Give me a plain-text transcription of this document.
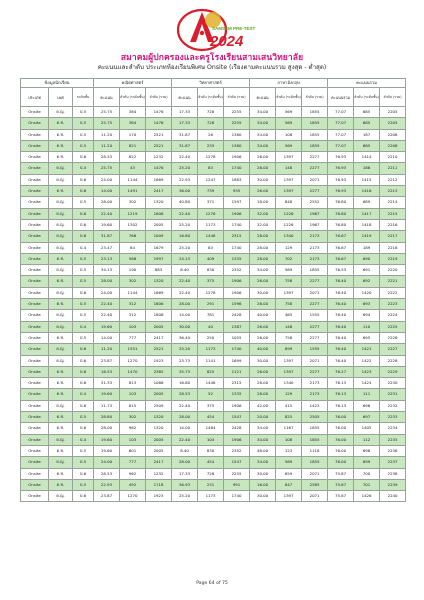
SAMSEM PRE-TEST
2024
สมาคมผู้ปกครองและครูโรงเรียนสามเสนวิทยาลัย
คะแนนและลำดับ ประเภทห้องเรียนพิเศษ Onsite (เรียงตามคะแนนรวม สูงสุด - ต่ำสุด)
ข้อมูลนักเรียน			คณิตศาสตร์			วิทยาศาสตร์			ภาษาอังกฤษ			คะแนนรวม		
ประเภท	เพศ	ระดับชั้น	คะแนน	ลำดับ (ระดับชั้น)	ลำดับ (รวม)	คะแนน	ลำดับ (ระดับชั้น)	ลำดับ (รวม)	คะแนน	ลำดับ (ระดับชั้น)	ลำดับ (รวม)	คะแนนรวม	ลำดับ (ระดับชั้น)	ลำดับ (รวม)
Onsite	ด.ญ.	ป.5	25.75	384	1476	17.33	728	2255	34.00	569	1855	77.07	685	2205
Onsite	ด.ช.	ป.5	25.75	384	1476	17.33	728	2255	34.00	569	1855	77.07	685	2205
Onsite	ด.ช.	ป.5	11.20	170	2521	31.87	26	1380	34.00	108	1855	77.07	187	2208
Onsite	ด.ช.	ป.5	11.20	821	2521	31.87	233	1380	34.00	569	1855	77.07	685	2208
Onsite	ด.ช.	ป.6	28.53	822	1232	22.40	1278	1906	26.00	1397	2277	76.93	1414	2210
Onsite	ด.ญ.	ป.4	25.75	43	1476	25.20	83	1740	26.00	148	2277	76.93	188	2211
Onsite	ด.ญ.	ป.6	24.00	1144	1669	22.93	1247	1883	30.00	1397	2071	76.93	1415	2212
Onsite	ด.ช.	ป.6	14.00	1491	2417	36.00	739	935	26.00	1397	2277	76.93	1416	2213
Onsite	ด.ญ.	ป.5	28.00	302	1320	40.80	371	1597	18.00	848	2552	76.80	689	2214
Onsite	ด.ญ.	ป.6	22.40	1219	1806	22.40	1278	1906	32.00	1226	1967	76.80	1417	2215
Onsite	ด.ญ.	ป.6	19.60	1302	2005	25.20	1173	1740	32.00	1226	1967	76.80	1418	2216
Onsite	ด.ญ.	ป.6	31.87	766	1009	16.80	1448	2315	28.00	1340	2173	76.67	1419	2217
Onsite	ด.ญ.	ป.4	23.47	64	1679	25.20	83	1740	28.00	129	2173	76.67	189	2218
Onsite	ด.ช.	ป.5	23.13	568	1997	24.13	409	1335	28.00	702	2173	76.67	690	2219
Onsite	ด.ญ.	ป.5	34.13	190	883	8.40	830	2352	34.00	569	1855	76.53	691	2220
Onsite	ด.ช.	ป.5	28.00	302	1320	22.40	375	1906	26.00	758	2277	76.40	692	2221
Onsite	ด.ญ.	ป.6	24.00	1144	1669	22.40	1278	1906	30.00	1397	2071	76.40	1420	2222
Onsite	ด.ช.	ป.5	22.40	312	1806	28.00	291	1596	26.00	758	2277	76.40	693	2223
Onsite	ด.ญ.	ป.5	22.40	312	1806	14.00	781	2428	40.00	465	1555	76.40	694	2224
Onsite	ด.ญ.	ป.4	19.60	103	2005	30.00	40	1387	26.00	148	2277	76.40	110	2225
Onsite	ด.ช.	ป.5	14.00	777	2417	36.40	250	1055	26.00	758	2277	76.40	695	2226
Onsite	ด.ญ.	ป.6	11.20	1551	2521	25.20	1173	1740	40.00	899	1555	76.40	1421	2227
Onsite	ด.ญ.	ป.6	23.87	1270	1923	23.73	1141	1699	30.00	1397	2071	76.40	1422	2228
Onsite	ด.ช.	ป.6	16.53	1470	2385	35.73	825	1121	26.00	1397	2277	76.27	1423	2229
Onsite	ด.ช.	ป.6	31.33	813	1066	16.80	1448	2315	28.00	1340	2173	76.13	1424	2230
Onsite	ด.ช.	ป.4	19.60	103	2005	28.53	52	1335	28.00	129	2173	76.13	111	2231
Onsite	ด.ญ.	ป.6	11.73	815	2509	22.40	375	1906	42.00	415	1423	76.13	696	2232
Onsite	ด.ช.	ป.5	28.80	302	1320	28.00	454	1547	20.00	825	2505	76.00	697	2233
Onsite	ด.ช.	ป.6	28.00	962	1320	14.00	1484	2428	34.00	1167	1855	76.00	1405	2234
Onsite	ด.ญ.	ป.4	19.60	103	2005	22.40	104	1906	34.00	108	1855	76.00	112	2235
Onsite	ด.ช.	ป.5	19.60	601	2005	8.40	830	2352	48.00	123	1118	76.00	698	2236
Onsite	ด.ญ.	ป.5	24.00	777	2417	28.00	454	1547	34.00	569	1855	76.00	699	2237
Onsite	ด.ช.	ป.6	28.53	962	1232	17.33	728	2255	30.00	659	2071	75.87	700	2238
Onsite	ด.ช.	ป.5	22.93	492	1718	36.93	231	991	16.00	847	2585	75.87	701	2239
Onsite	ด.ญ.	ป.6	23.87	1270	1923	25.20	1173	1740	30.00	1397	2071	75.87	1426	2240
Page 64 of 75
